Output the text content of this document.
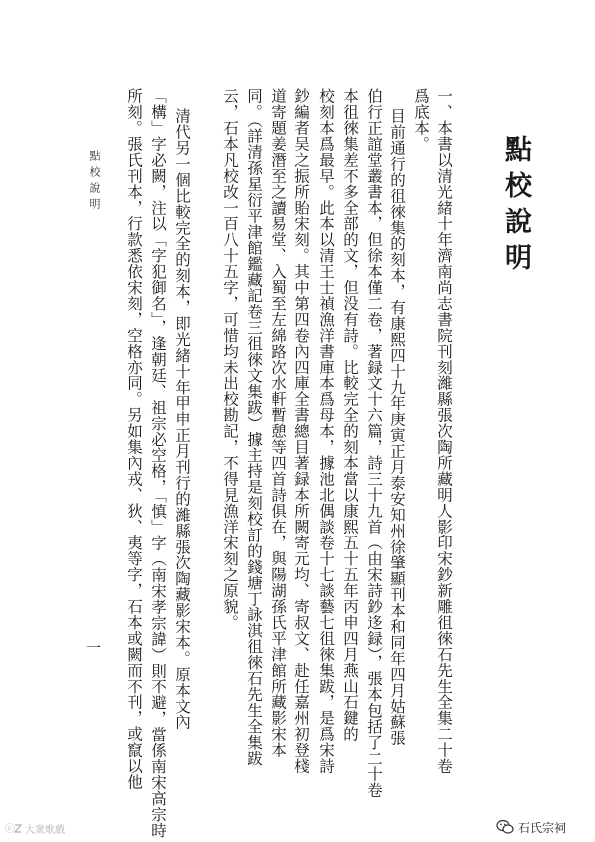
點校說明
一、本書以清光緒十年濟南尚志書院刊刻濰縣張次陶所藏明人影印宋鈔新雕徂徠石先生全集二十卷
爲底本。
目前通行的徂徠集的刻本，有康熙四十九年庚寅正月泰安知州徐肇顯刊本和同年四月姑蘇張
伯行正誼堂叢書本，但徐本僅二卷，著録文十六篇，詩三十九首（由宋詩鈔迻録），張本包括了二十卷
本徂徠集差不多全部的文，但没有詩。比較完全的刻本當以康熙五十五年丙申四月燕山石鍵的
校刻本爲最早。此本以清王士禎漁洋書庫本爲母本，據池北偶談卷十七談藝七徂徠集跋，是爲宋詩
鈔編者吴之振所貽宋刻。其中第四卷內四庫全書總目著録本所闕寄元均、寄叔文、赴任嘉州初登棧
道寄題姜潛至之讀易堂、入蜀至左綿路次水軒暫憩等四首詩俱在，與陽湖孫氏平津館所藏影宋本
同。（詳清孫星衍平津館鑑藏記卷三徂徠文集跋）據主持是刻校訂的錢塘丁詠淇徂徠石先生全集跋
云，石本凡校改一百八十五字，可惜均未出校勘記，不得見漁洋宋刻之原貌。
清代另一個比較完全的刻本，即光緒十年甲申正月刊行的濰縣張次陶藏影宋本。原本文內
「構」字必闕，注以「字犯御名」，逢朝廷、祖宗必空格，「慎」字（南宋孝宗諱）則不避，當係南宋高宗時
所刻。張氏刊本，行款悉依宋刻，空格亦同。另如集內戎、狄、夷等字，石本或闕而不刊，或竄以他
點校說明
一
ⓒ 大衆歌戲	石氏宗祠
